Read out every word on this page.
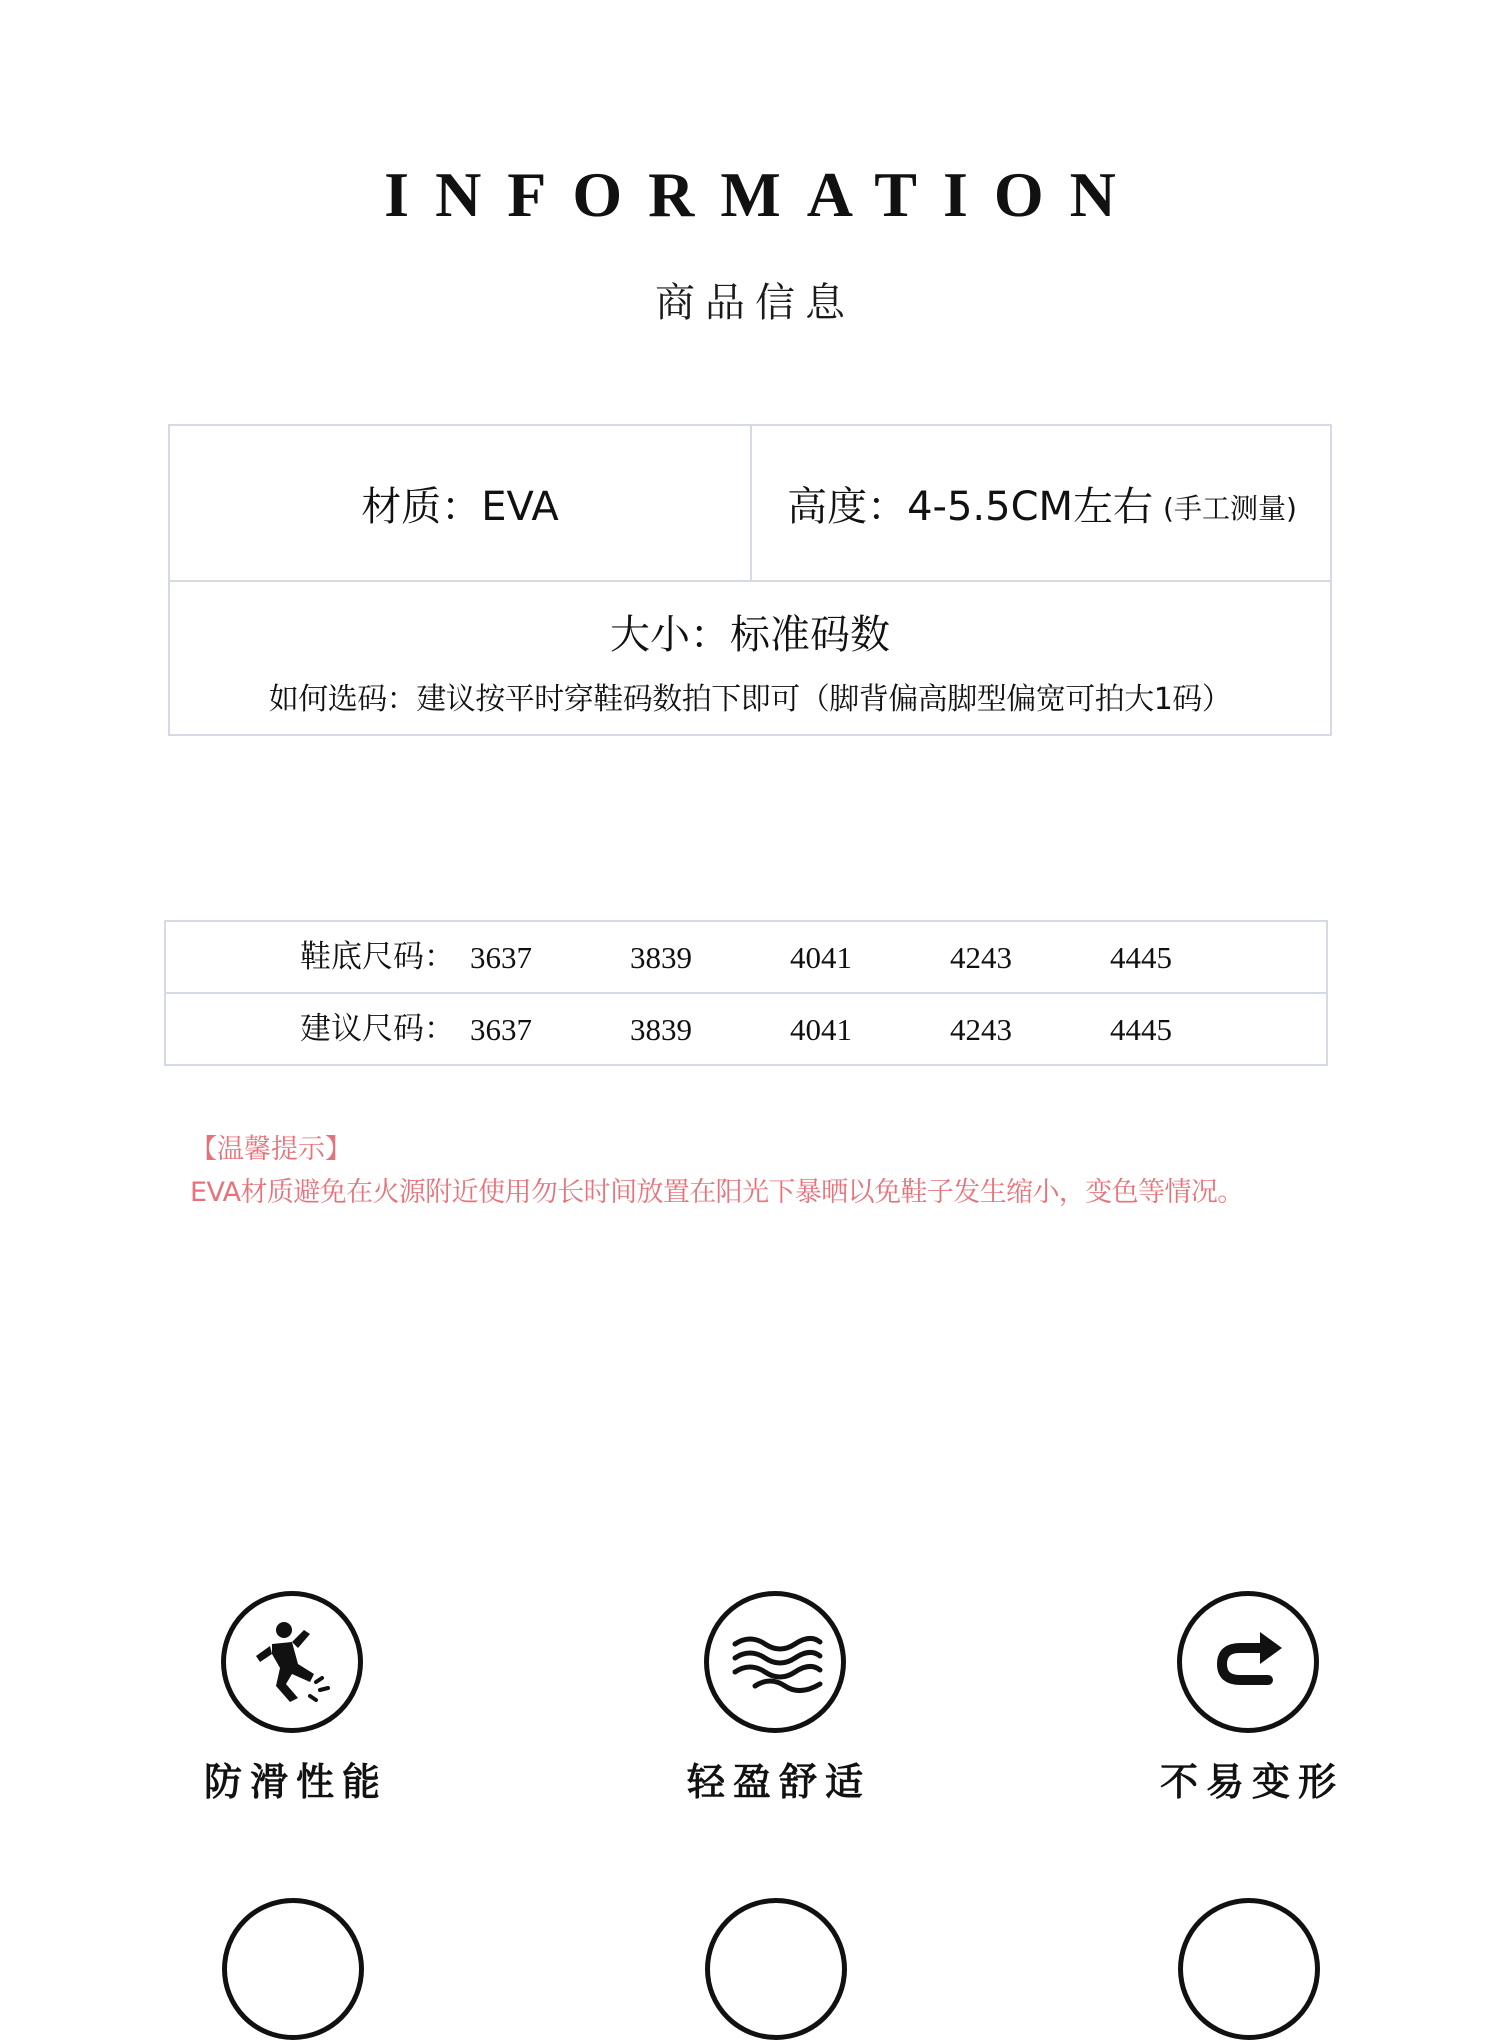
INFORMATION
商品信息
材质：EVA	高度：4-5.5CM左右 (手工测量)
大小：标准码数
如何选码：建议按平时穿鞋码数拍下即可（脚背偏高脚型偏宽可拍大1码）
鞋底尺码： 3637	3839	4041	4243	4445
建议尺码： 3637	3839	4041	4243	4445
【温馨提示】
EVA材质避免在火源附近使用勿长时间放置在阳光下暴晒以免鞋子发生缩小，变色等情况。
防滑性能	轻盈舒适	不易变形
